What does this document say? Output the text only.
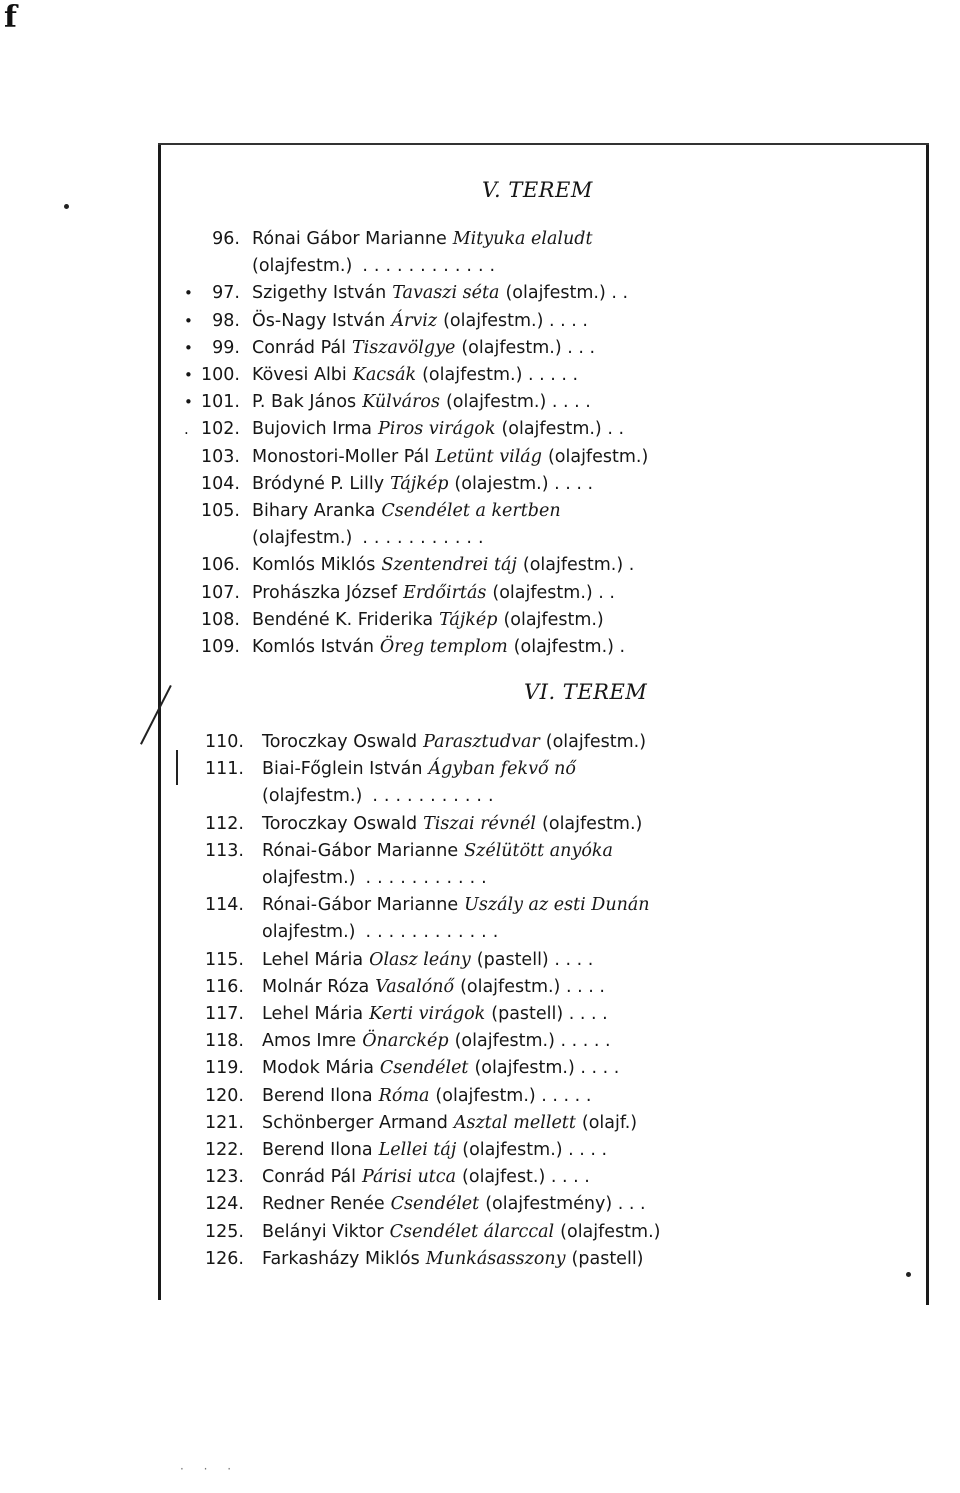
f
V. TEREM
96. Rónai Gábor Marianne Mityuka elaludt
(olajfestm.) ............
•	97. Szigethy István Tavaszi séta (olajfestm.) . .
•	98. Ös-Nagy István Árviz (olajfestm.) . . . .
•	99. Conrád Pál Tiszavölgye (olajfestm.) . . .
• 100. Kövesi Albi Kacsák (olajfestm.) . . . . .
• 101. P. Bak János Külváros (olajfestm.) . . . .
. 102. Bujovich Irma Piros virágok (olajfestm.) . .
103. Monostori-Moller Pál Letünt világ (olajfestm.)
104. Bródyné P. Lilly Tájkép (olajestm.) . . . .
105. Bihary Aranka Csendélet a kertben
(olajfestm.) ...........
106. Komlós Miklós Szentendrei táj (olajfestm.) .
107. Prohászka József Erdőirtás (olajfestm.) . .
108. Bendéné K. Friderika Tájkép (olajfestm.)
109. Komlós István Öreg templom (olajfestm.) .
VI. TEREM
110. Toroczkay Oswald Parasztudvar (olajfestm.)
111. Biai-Főglein István Ágyban fekvő nő
(olajfestm.) ...........
112. Toroczkay Oswald Tiszai révnél (olajfestm.)
113. Rónai-Gábor Marianne Szélütött anyóka
olajfestm.) ...........
114. Rónai-Gábor Marianne Uszály az esti Dunán
olajfestm.) ............
115. Lehel Mária Olasz leány (pastell) . . . .
116. Molnár Róza Vasalónő (olajfestm.) . . . .
117. Lehel Mária Kerti virágok (pastell) . . . .
118. Amos Imre Önarckép (olajfestm.) . . . . .
119. Modok Mária Csendélet (olajfestm.) . . . .
120. Berend Ilona Róma (olajfestm.) . . . . .
121. Schönberger Armand Asztal mellett (olajf.)
122. Berend Ilona Lellei táj (olajfestm.) . . . .
123. Conrád Pál Párisi utca (olajfest.) . . . .
124. Redner Renée Csendélet (olajfestmény) . . .
125. Belányi Viktor Csendélet álarccal (olajfestm.)
126. Farkasházy Miklós Munkásasszony (pastell)
· · ·
